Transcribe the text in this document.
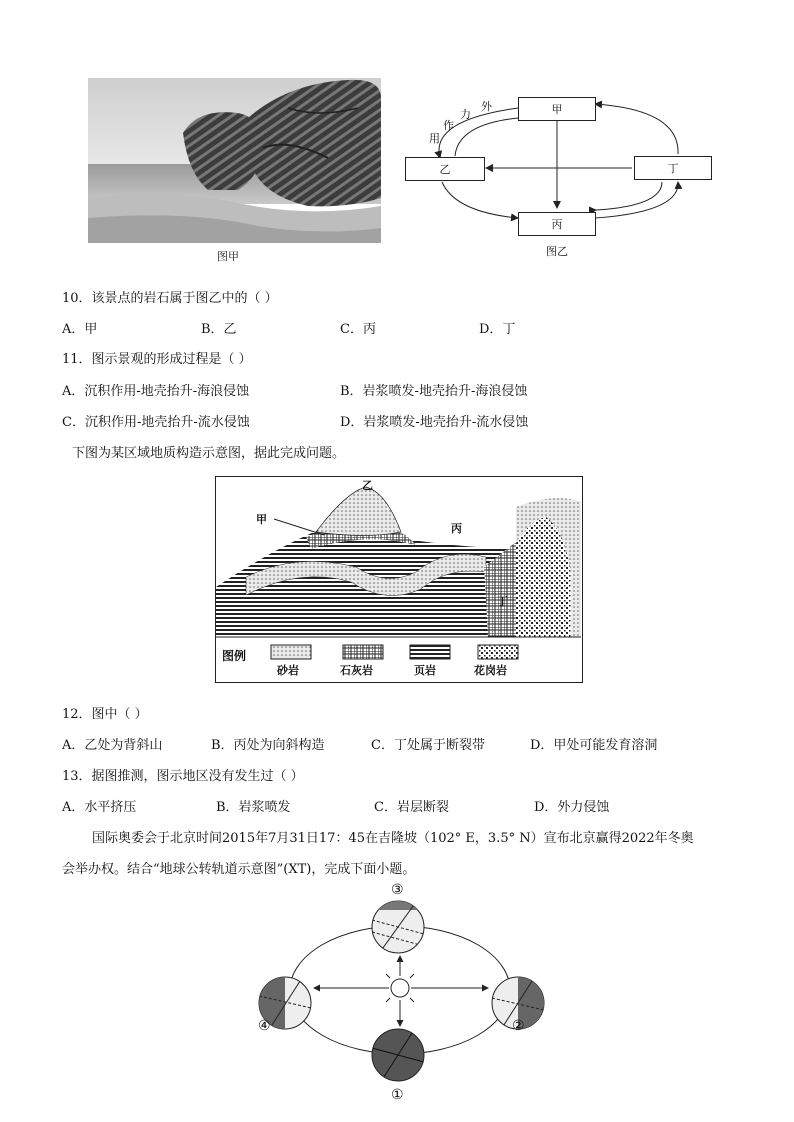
图甲
甲
乙	丁
丙
外
力
作
用
图乙
10．该景点的岩石属于图乙中的（ ）
A．甲	B．乙	C．丙	D．丁
11．图示景观的形成过程是（ ）
A．沉积作用-地壳抬升-海浪侵蚀	B．岩浆喷发-地壳抬升-海浪侵蚀
C．沉积作用-地壳抬升-流水侵蚀	D．岩浆喷发-地壳抬升-流水侵蚀
下图为某区域地质构造示意图，据此完成问题。
乙
甲
丙
丁
图例
砂岩	石灰岩	页岩	花岗岩
12．图中（ ）
A．乙处为背斜山	B．丙处为向斜构造	C．丁处属于断裂带	D．甲处可能发育溶洞
13．据图推测，图示地区没有发生过（ ）
A．水平挤压	B．岩浆喷发	C．岩层断裂	D．外力侵蚀
国际奥委会于北京时间2015年7月31日17：45在吉隆坡（102° E，3.5° N）宣布北京赢得2022年冬奥
会举办权。结合“地球公转轨道示意图”(XT)，完成下面小题。
③
②
①
④
